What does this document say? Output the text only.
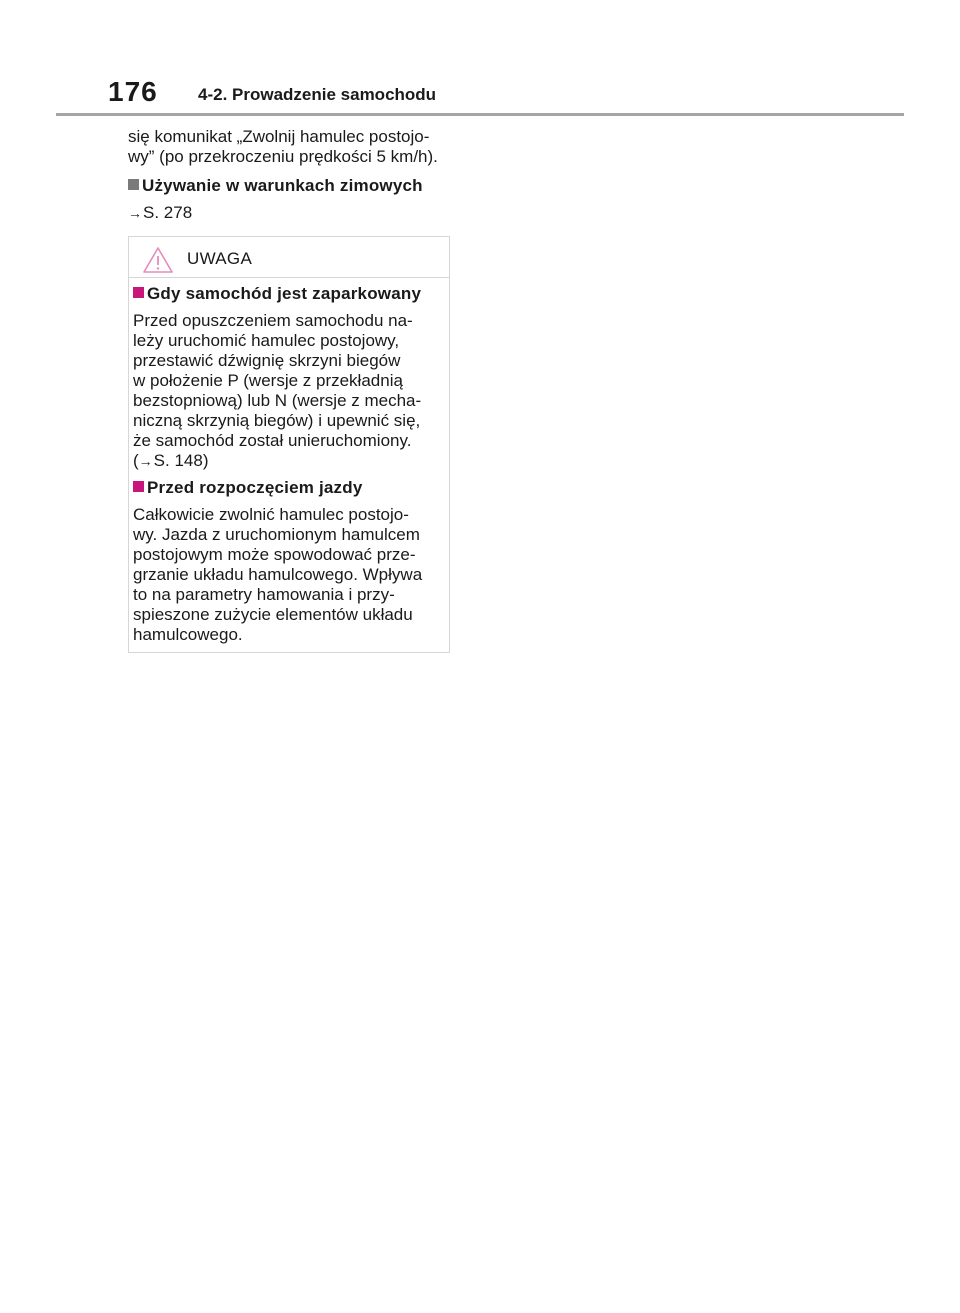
176 4-2. Prowadzenie samochodu

się komunikat „Zwolnij hamulec postojo-
wy” (po przekroczeniu prędkości 5 km/h).

Używanie w warunkach zimowych

→S. 278

UWAGA

Gdy samochód jest zaparkowany

Przed opuszczeniem samochodu na-
leży uruchomić hamulec postojowy,
przestawić dźwignię skrzyni biegów
w położenie P (wersje z przekładnią
bezstopniową) lub N (wersje z mecha-
niczną skrzynią biegów) i upewnić się,
że samochód został unieruchomiony.
(→S. 148)

Przed rozpoczęciem jazdy

Całkowicie zwolnić hamulec postojo-
wy. Jazda z uruchomionym hamulcem
postojowym może spowodować prze-
grzanie układu hamulcowego. Wpływa
to na parametry hamowania i przy-
spieszone zużycie elementów układu
hamulcowego.
